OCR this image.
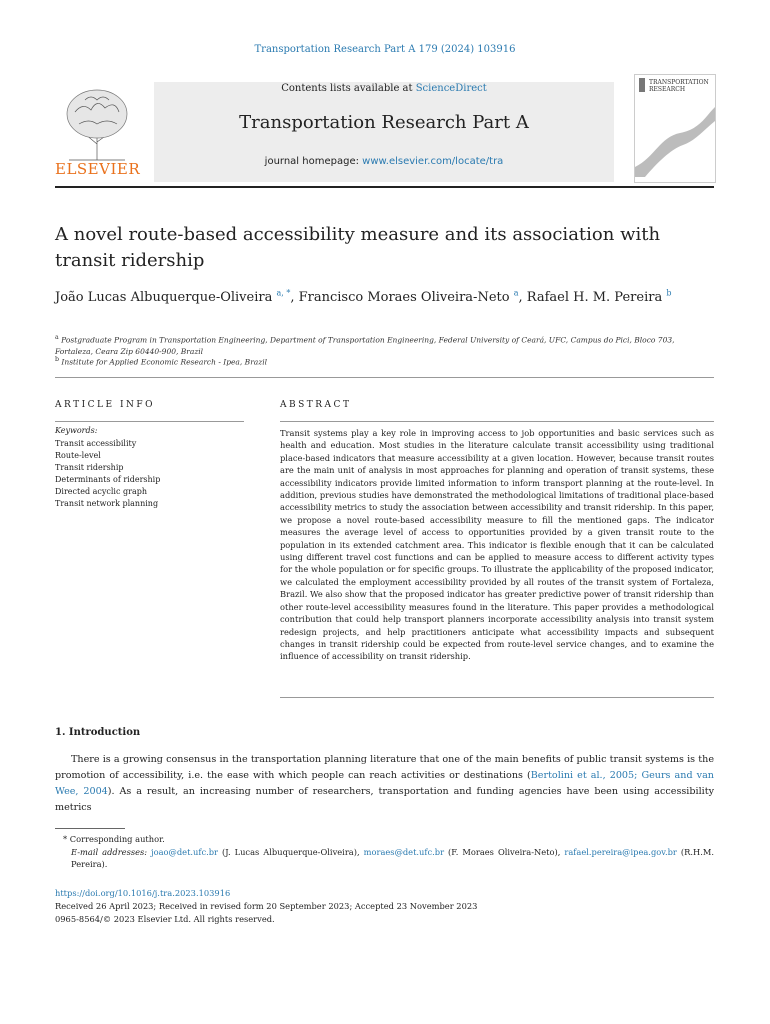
Transportation Research Part A 179 (2024) 103916
ELSEVIER
Contents lists available at ScienceDirect
Transportation Research Part A
journal homepage: www.elsevier.com/locate/tra
TRANSPORTATION
RESEARCH
A novel route-based accessibility measure and its association with transit ridership
João Lucas Albuquerque-Oliveira $^{a, *}$, Francisco Moraes Oliveira-Neto $^a$, Rafael H. M. Pereira $^b$
$^a$ Postgraduate Program in Transportation Engineering, Department of Transportation Engineering, Federal University of Ceará, UFC, Campus do Pici, Bloco 703, Fortaleza, Ceara Zip 60440-900, Brazil
$^b$ Institute for Applied Economic Research - Ipea, Brazil
ARTICLE INFO
Keywords:
Transit accessibility
Route-level
Transit ridership
Determinants of ridership
Directed acyclic graph
Transit network planning
ABSTRACT
Transit systems play a key role in improving access to job opportunities and basic services such as health and education. Most studies in the literature calculate transit accessibility using traditional place-based indicators that measure accessibility at a given location. However, because transit routes are the main unit of analysis in most approaches for planning and operation of transit systems, these accessibility indicators provide limited information to inform transport planning at the route-level. In addition, previous studies have demonstrated the methodological limitations of traditional place-based accessibility metrics to study the association between accessibility and transit ridership. In this paper, we propose a novel route-based accessibility measure to fill the mentioned gaps. The indicator measures the average level of access to opportunities provided by a given transit route to the population in its extended catchment area. This indicator is flexible enough that it can be calculated using different travel cost functions and can be applied to measure access to different activity types for the whole population or for specific groups. To illustrate the applicability of the proposed indicator, we calculated the employment accessibility provided by all routes of the transit system of Fortaleza, Brazil. We also show that the proposed indicator has greater predictive power of transit ridership than other route-level accessibility measures found in the literature. This paper provides a methodological contribution that could help transport planners incorporate accessibility analysis into transit system redesign projects, and help practitioners anticipate what accessibility impacts and subsequent changes in transit ridership could be expected from route-level service changes, and to examine the influence of accessibility on transit ridership.
1. Introduction
There is a growing consensus in the transportation planning literature that one of the main benefits of public transit systems is the promotion of accessibility, i.e. the ease with which people can reach activities or destinations (Bertolini et al., 2005; Geurs and van Wee, 2004). As a result, an increasing number of researchers, transportation and funding agencies have been using accessibility metrics
* Corresponding author.
E-mail addresses: joao@det.ufc.br (J. Lucas Albuquerque-Oliveira), moraes@det.ufc.br (F. Moraes Oliveira-Neto), rafael.pereira@ipea.gov.br (R.H.M. Pereira).
https://doi.org/10.1016/j.tra.2023.103916
Received 26 April 2023; Received in revised form 20 September 2023; Accepted 23 November 2023
0965-8564/© 2023 Elsevier Ltd. All rights reserved.
